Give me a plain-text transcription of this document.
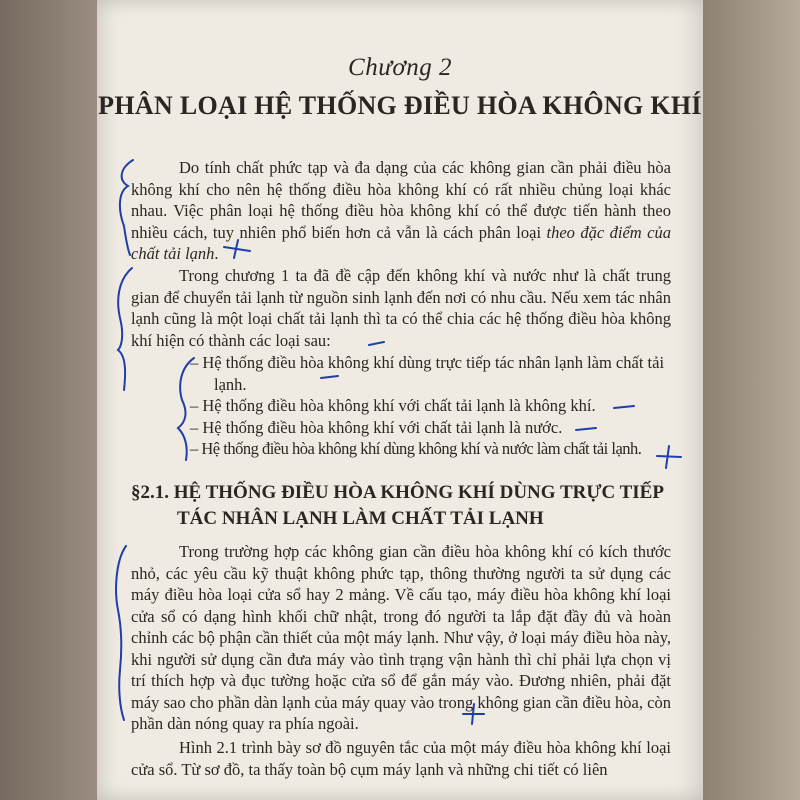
Chương 2
PHÂN LOẠI HỆ THỐNG ĐIỀU HÒA KHÔNG KHÍ

Do tính chất phức tạp và đa dạng của các không gian cần phải điều hòa không khí cho nên hệ thống điều hòa không khí có rất nhiều chủng loại khác nhau. Việc phân loại hệ thống điều hòa không khí có thể được tiến hành theo nhiều cách, tuy nhiên phổ biến hơn cả vẫn là cách phân loại theo đặc điểm của chất tải lạnh.

Trong chương 1 ta đã đề cập đến không khí và nước như là chất trung gian để chuyển tải lạnh từ nguồn sinh lạnh đến nơi có nhu cầu. Nếu xem tác nhân lạnh cũng là một loại chất tải lạnh thì ta có thể chia các hệ thống điều hòa không khí hiện có thành các loại sau:

– Hệ thống điều hòa không khí dùng trực tiếp tác nhân lạnh làm chất tải lạnh.
– Hệ thống điều hòa không khí với chất tải lạnh là không khí.
– Hệ thống điều hòa không khí với chất tải lạnh là nước.
– Hệ thống điều hòa không khí dùng không khí và nước làm chất tải lạnh.
§2.1. HỆ THỐNG ĐIỀU HÒA KHÔNG KHÍ DÙNG TRỰC TIẾP
TÁC NHÂN LẠNH LÀM CHẤT TẢI LẠNH

Trong trường hợp các không gian cần điều hòa không khí có kích thước nhỏ, các yêu cầu kỹ thuật không phức tạp, thông thường người ta sử dụng các máy điều hòa loại cửa sổ hay 2 mảng. Về cấu tạo, máy điều hòa không khí loại cửa sổ có dạng hình khối chữ nhật, trong đó người ta lắp đặt đầy đủ và hoàn chỉnh các bộ phận cần thiết của một máy lạnh. Như vậy, ở loại máy điều hòa này, khi người sử dụng cần đưa máy vào tình trạng vận hành thì chỉ phải lựa chọn vị trí thích hợp và đục tường hoặc cửa sổ để gắn máy vào. Đương nhiên, phải đặt máy sao cho phần dàn lạnh của máy quay vào trong không gian cần điều hòa, còn phần dàn nóng quay ra phía ngoài.

Hình 2.1 trình bày sơ đồ nguyên tắc của một máy điều hòa không khí loại cửa sổ. Từ sơ đồ, ta thấy toàn bộ cụm máy lạnh và những chi tiết có liên
